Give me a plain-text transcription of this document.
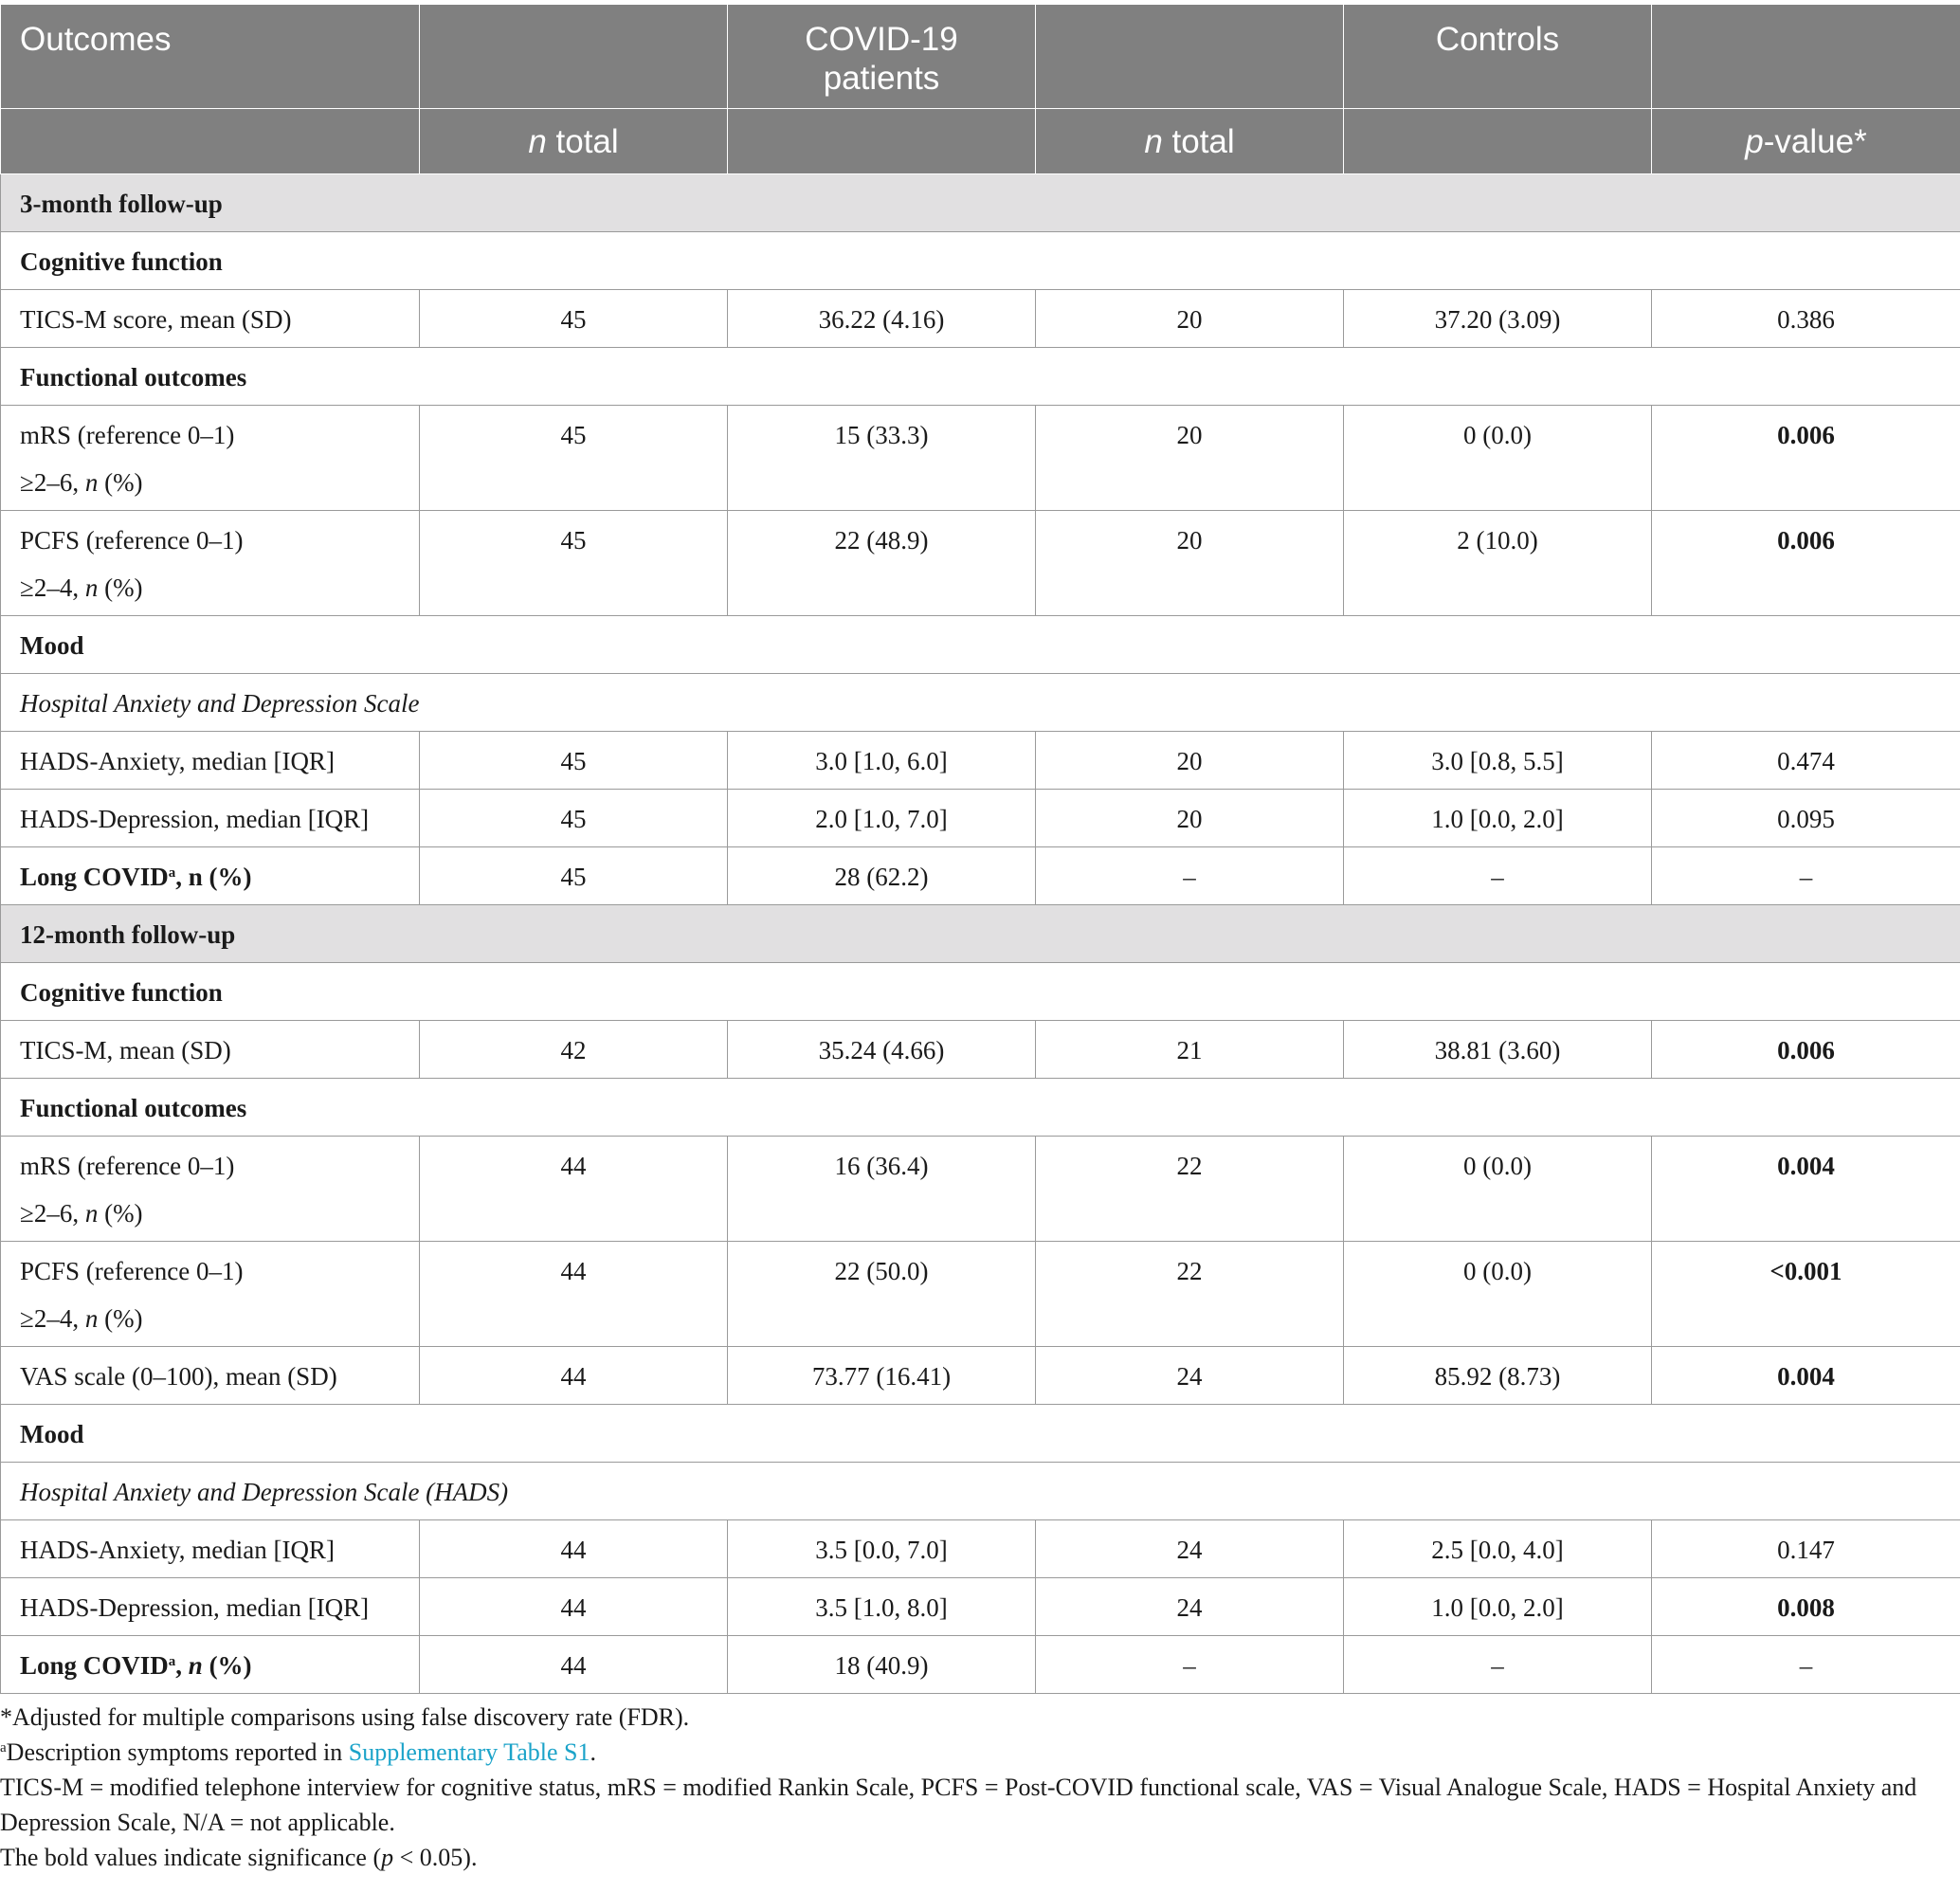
Outcomes		COVID-19 patients		Controls	
	n total		n total		p-value*
3-month follow-up					
Cognitive function					
TICS-M score, mean (SD)	45	36.22 (4.16)	20	37.20 (3.09)	0.386
Functional outcomes					

mRS (reference 0–1)
≥2–6, n (%)	45	15 (33.3)	20	0 (0.0)	0.006

PCFS (reference 0–1)
≥2–4, n (%)	45	22 (48.9)	20	2 (10.0)	0.006
Mood					
Hospital Anxiety and Depression Scale					
HADS-Anxiety, median [IQR]	45	3.0 [1.0, 6.0]	20	3.0 [0.8, 5.5]	0.474
HADS-Depression, median [IQR]	45	2.0 [1.0, 7.0]	20	1.0 [0.0, 2.0]	0.095
Long COVID$^a$, n (%)	45	28 (62.2)	–	–	–
12-month follow-up					
Cognitive function					
TICS-M, mean (SD)	42	35.24 (4.66)	21	38.81 (3.60)	0.006
Functional outcomes					

mRS (reference 0–1)
≥2–6, n (%)	44	16 (36.4)	22	0 (0.0)	0.004

PCFS (reference 0–1)
≥2–4, n (%)	44	22 (50.0)	22	0 (0.0)	<0.001
VAS scale (0–100), mean (SD)	44	73.77 (16.41)	24	85.92 (8.73)	0.004
Mood					
Hospital Anxiety and Depression Scale (HADS)					
HADS-Anxiety, median [IQR]	44	3.5 [0.0, 7.0]	24	2.5 [0.0, 4.0]	0.147
HADS-Depression, median [IQR]	44	3.5 [1.0, 8.0]	24	1.0 [0.0, 2.0]	0.008
Long COVID$^a$, n (%)	44	18 (40.9)	–	–	–

*Adjusted for multiple comparisons using false discovery rate (FDR).

$^a$Description symptoms reported in Supplementary Table S1.

TICS-M = modified telephone interview for cognitive status, mRS = modified Rankin Scale, PCFS = Post-COVID functional scale, VAS = Visual Analogue Scale, HADS = Hospital Anxiety and Depression Scale, N/A = not applicable.

The bold values indicate significance (p < 0.05).
